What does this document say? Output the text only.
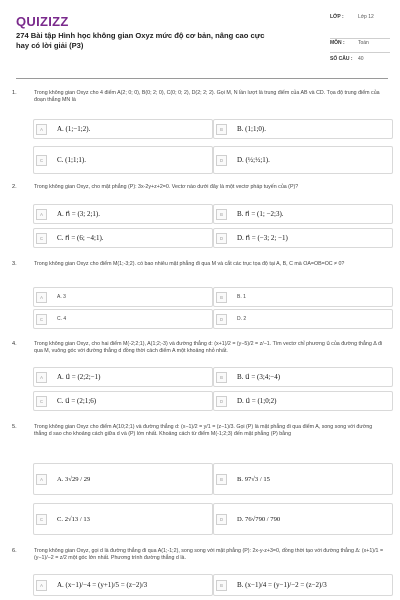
QUIZIZZ
274 Bài tập Hình học không gian Oxyz mức độ cơ bản, nâng cao cực hay có lời giải (P3)
LỚP :	Lớp 12
MÔN :	Toán
SỐ CÂU :	40
1.	Trong không gian Oxyz cho 4 điểm A(2; 0; 0), B(0; 2; 0), C(0; 0; 2), D(2; 2; 2). Gọi M, N lần lượt là trung điểm của AB và CD. Tọa độ trung điểm của đoạn thẳng MN là
A	A. (1;−1;2).	B	B. (1;1;0).
C	C. (1;1;1).	D	D. (½;½;1).
2.	Trong không gian Oxyz, cho mặt phẳng (P): 3x-2y+z+2=0. Vectơ nào dưới đây là một vectơ pháp tuyến của (P)?
A	A. n⃗ = (3; 2;1).	B	B. n⃗ = (1; −2;3).
C	C. n⃗ = (6; −4;1).	D	D. n⃗ = (−3; 2; −1)
3.	Trong không gian Oxyz cho điểm M(1;-3;2). có bao nhiêu mặt phẳng đi qua M và cắt các trục tọa độ tại A, B, C mà OA=OB=OC ≠ 0?
A	A. 3	B	B. 1
C	C. 4	D	D. 2
4.	Trong không gian Oxyz, cho hai điểm M(-2;2;1), A(1;2;-3) và đường thẳng d: (x+1)/2 = (y−5)/2 = z/−1. Tìm vectơ chỉ phương u⃗ của đường thẳng Δ đi qua M, vuông góc với đường thẳng d đồng thời cách điểm A một khoảng nhỏ nhất.
A	A. u⃗ = (2;2;−1)	B	B. u⃗ = (3;4;−4)
C	C. u⃗ = (2;1;6)	D	D. u⃗ = (1;0;2)
5.	Trong không gian Oxyz cho điểm A(10;2;1) và đường thẳng d: (x−1)/2 = y/1 = (z−1)/3. Gọi (P) là mặt phẳng đi qua điểm A, song song với đường thẳng d sao cho khoảng cách giữa d và (P) lớn nhất. Khoảng cách từ điểm M(-1;2;3) đến mặt phẳng (P) bằng
A	A. 3√29 / 29	B	B. 97√3 / 15
C	C. 2√13 / 13	D	D. 76√790 / 790
6.	Trong không gian Oxyz, gọi d là đường thẳng đi qua A(1;-1;2), song song với mặt phẳng (P): 2x-y-z+3=0, đồng thời tạo với đường thẳng Δ: (x+1)/1 = (y−1)/−2 = z/2 một góc lớn nhất. Phương trình đường thẳng d là.
A	A. (x−1)/−4 = (y+1)/5 = (z−2)/3	B	B. (x−1)/4 = (y−1)/−2 = (z−2)/3
